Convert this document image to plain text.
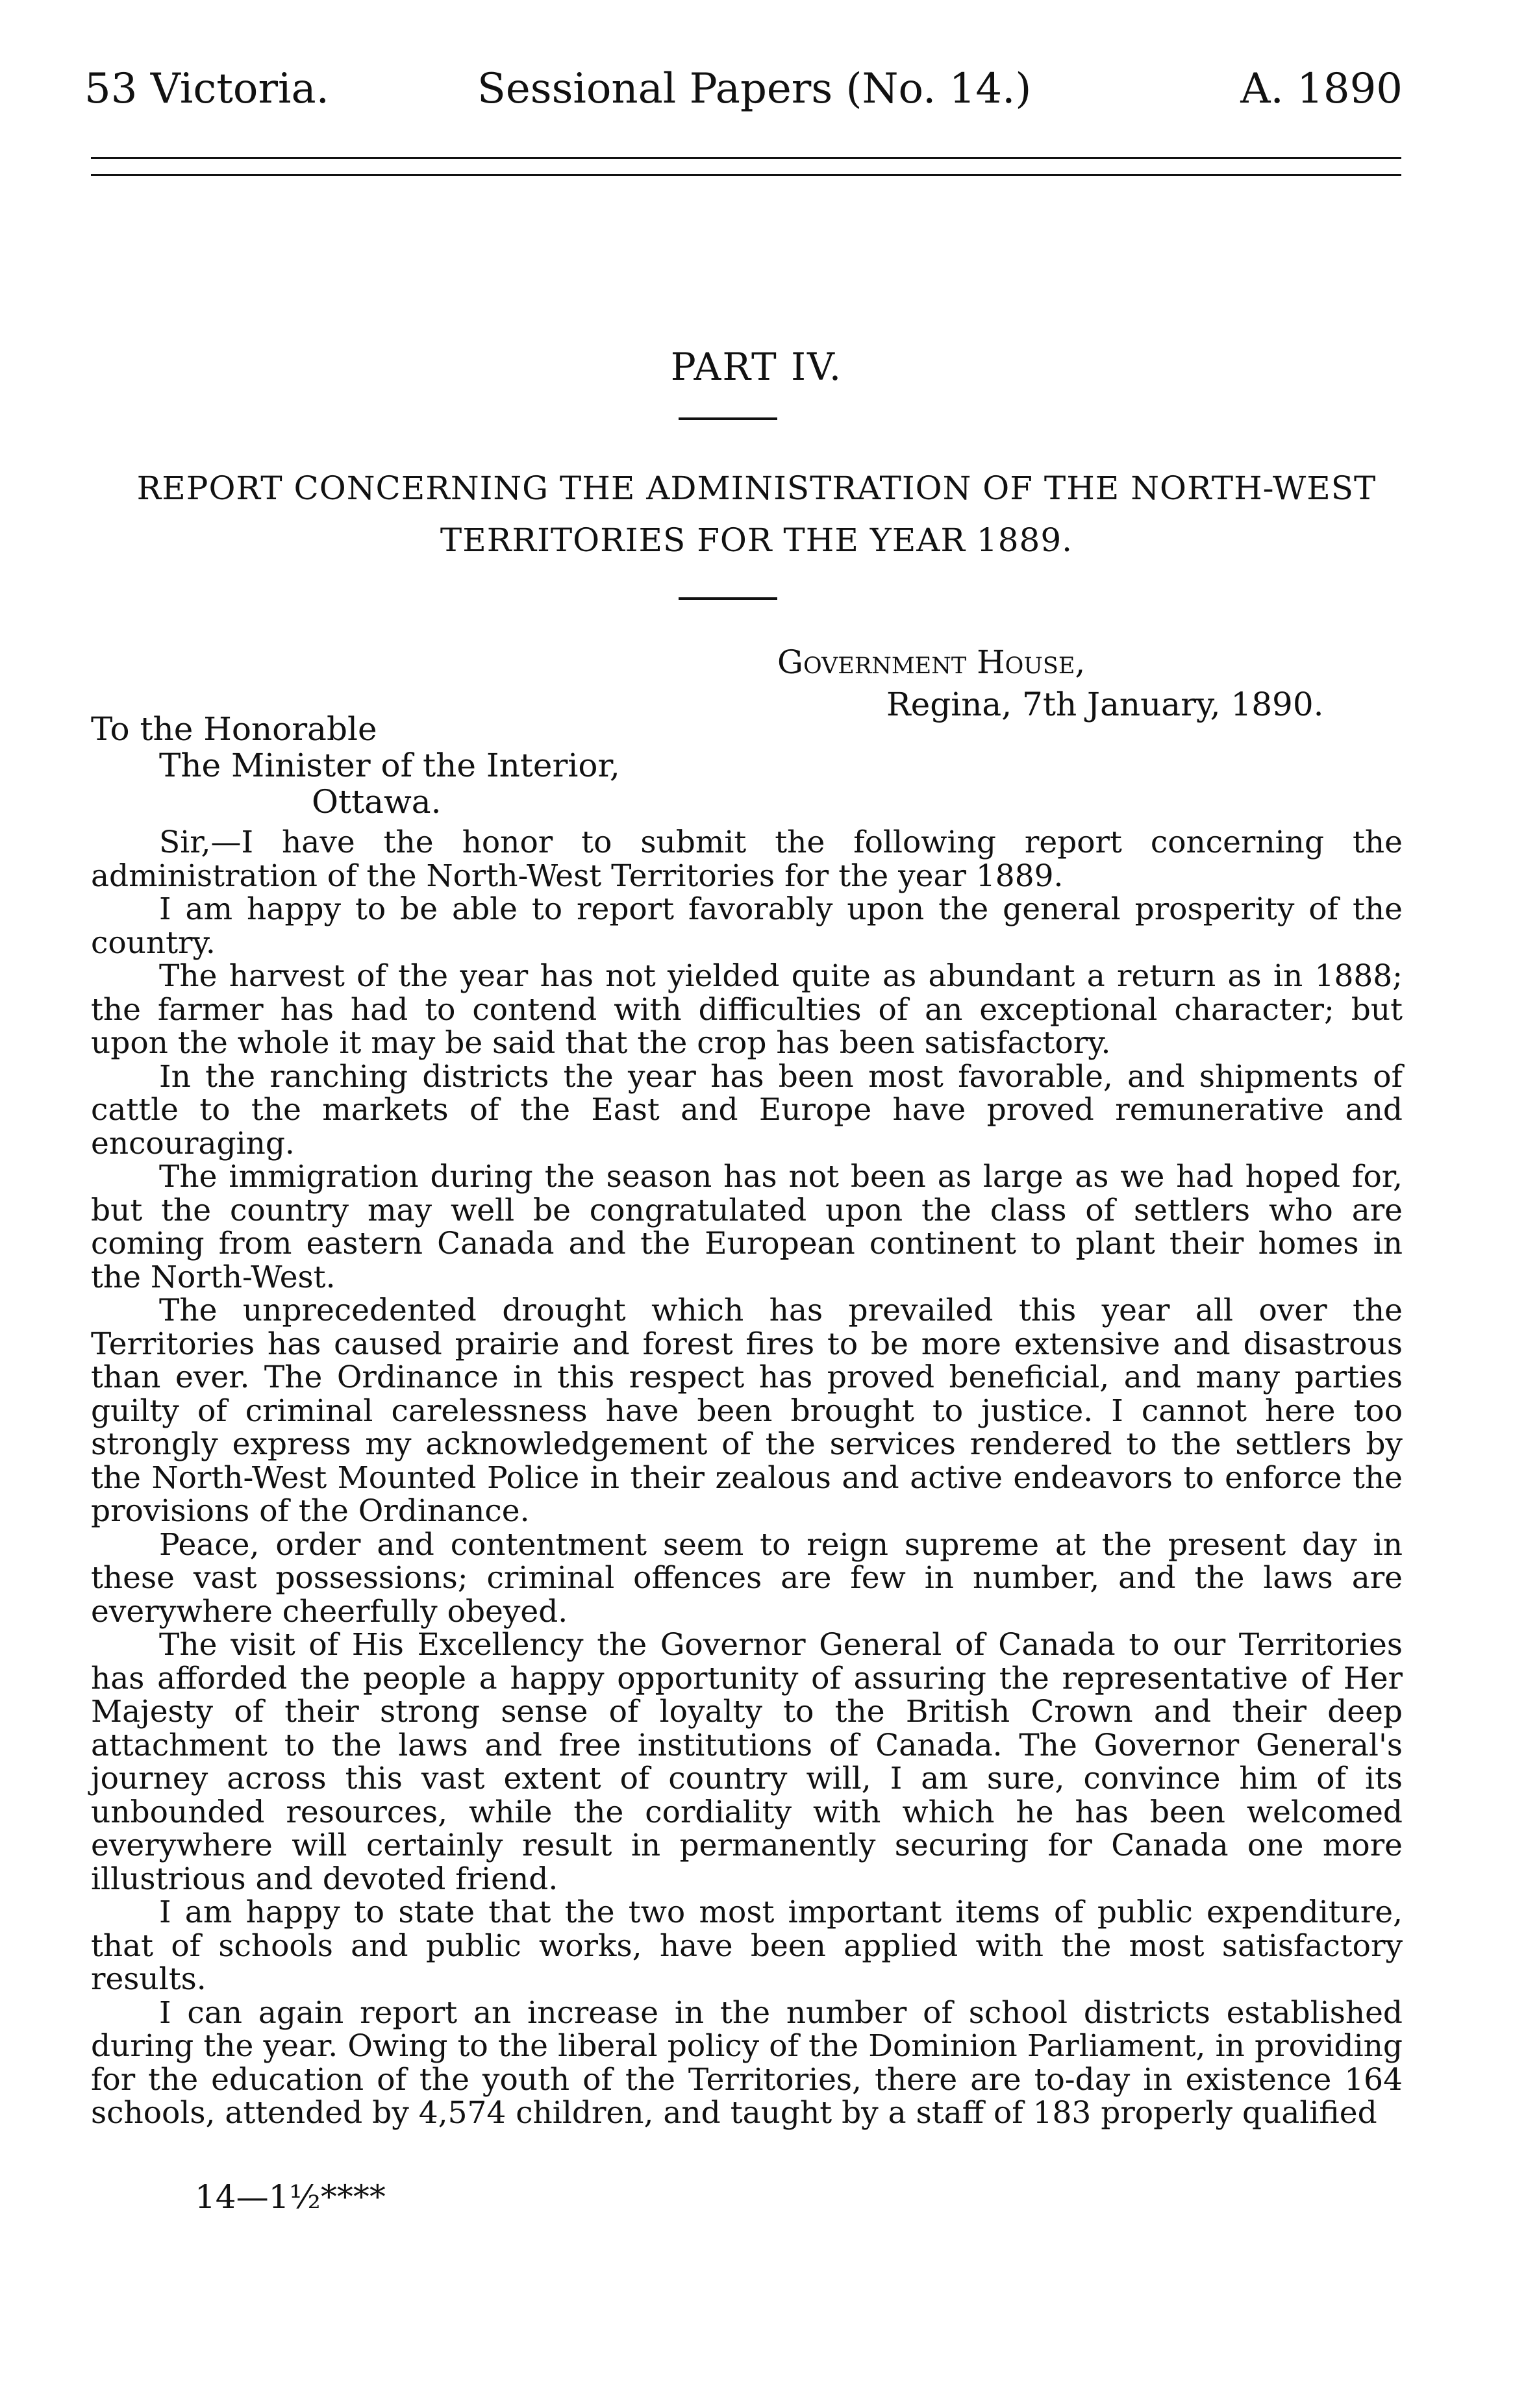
53 Victoria.	Sessional Papers (No. 14.)	A. 1890
PART IV.
REPORT CONCERNING THE ADMINISTRATION OF THE NORTH-WEST
TERRITORIES FOR THE YEAR 1889.
Government House,
Regina, 7th January, 1890.
To the Honorable
The Minister of the Interior,
Ottawa.

Sir,—I have the honor to submit the following report concerning the administration of the North-West Territories for the year 1889.

I am happy to be able to report favorably upon the general prosperity of the country.

The harvest of the year has not yielded quite as abundant a return as in 1888; the farmer has had to contend with difficulties of an exceptional character; but upon the whole it may be said that the crop has been satisfactory.

In the ranching districts the year has been most favorable, and shipments of cattle to the markets of the East and Europe have proved remunerative and encouraging.

The immigration during the season has not been as large as we had hoped for, but the country may well be congratulated upon the class of settlers who are coming from eastern Canada and the European continent to plant their homes in the North-West.

The unprecedented drought which has prevailed this year all over the Territories has caused prairie and forest fires to be more extensive and disastrous than ever. The Ordinance in this respect has proved beneficial, and many parties guilty of criminal carelessness have been brought to justice. I cannot here too strongly express my acknowledgement of the services rendered to the settlers by the North-West Mounted Police in their zealous and active endeavors to enforce the provisions of the Ordinance.

Peace, order and contentment seem to reign supreme at the present day in these vast possessions; criminal offences are few in number, and the laws are everywhere cheerfully obeyed.

The visit of His Excellency the Governor General of Canada to our Territories has afforded the people a happy opportunity of assuring the representative of Her Majesty of their strong sense of loyalty to the British Crown and their deep attachment to the laws and free institutions of Canada. The Governor General's journey across this vast extent of country will, I am sure, convince him of its unbounded resources, while the cordiality with which he has been welcomed everywhere will certainly result in permanently securing for Canada one more illustrious and devoted friend.

I am happy to state that the two most important items of public expenditure, that of schools and public works, have been applied with the most satisfactory results.

I can again report an increase in the number of school districts established during the year. Owing to the liberal policy of the Dominion Parliament, in providing for the education of the youth of the Territories, there are to-day in existence 164 schools, attended by 4,574 children, and taught by a staff of 183 properly qualified

14—1½****
